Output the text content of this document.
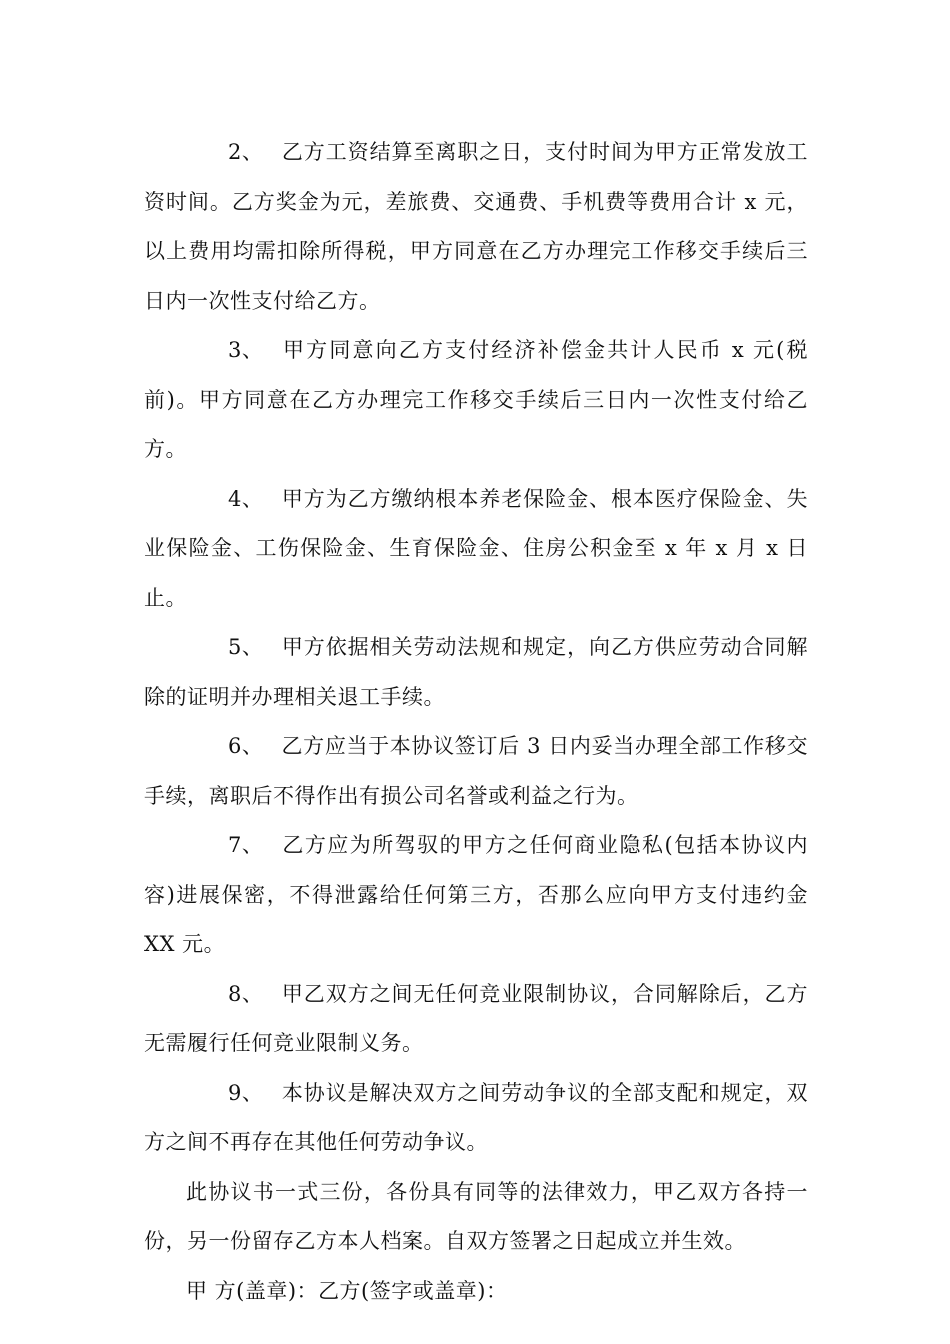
2、 乙方工资结算至离职之日，支付时间为甲方正常发放工资时间。乙方奖金为元，差旅费、交通费、手机费等费用合计 x 元，以上费用均需扣除所得税，甲方同意在乙方办理完工作移交手续后三日内一次性支付给乙方。

3、 甲方同意向乙方支付经济补偿金共计人民币 x 元(税前)。甲方同意在乙方办理完工作移交手续后三日内一次性支付给乙方。

4、 甲方为乙方缴纳根本养老保险金、根本医疗保险金、失业保险金、工伤保险金、生育保险金、住房公积金至 x 年 x 月 x 日止。

5、 甲方依据相关劳动法规和规定，向乙方供应劳动合同解除的证明并办理相关退工手续。

6、 乙方应当于本协议签订后 3 日内妥当办理全部工作移交手续，离职后不得作出有损公司名誉或利益之行为。

7、 乙方应为所驾驭的甲方之任何商业隐私(包括本协议内容)进展保密，不得泄露给任何第三方，否那么应向甲方支付违约金 XX 元。

8、 甲乙双方之间无任何竞业限制协议，合同解除后，乙方无需履行任何竞业限制义务。

9、 本协议是解决双方之间劳动争议的全部支配和规定，双方之间不再存在其他任何劳动争议。

此协议书一式三份，各份具有同等的法律效力，甲乙双方各持一份，另一份留存乙方本人档案。自双方签署之日起成立并生效。

甲 方(盖章)：乙方(签字或盖章)：
